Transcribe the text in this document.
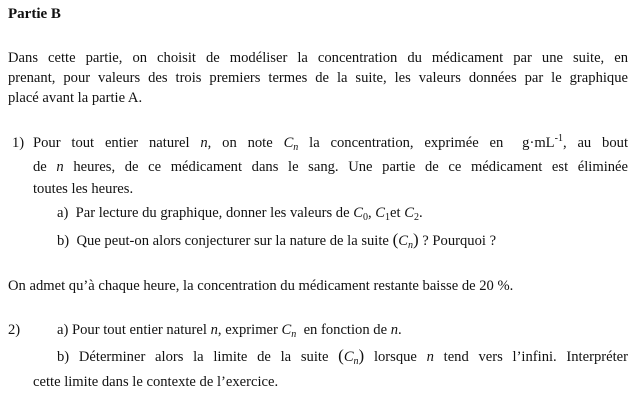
Partie B
Dans cette partie, on choisit de modéliser la concentration du médicament par une suite, en
prenant, pour valeurs des trois premiers termes de la suite, les valeurs données par le graphique
placé avant la partie A.
1) Pour tout entier naturel n, on note $C_n$ la concentration, exprimée en $g\cdot mL^{-1}$, au bout
de n heures, de ce médicament dans le sang. Une partie de ce médicament est éliminée
toutes les heures.
a) Par lecture du graphique, donner les valeurs de $C_0$, $C_1et$ $C_2$.
b) Que peut-on alors conjecturer sur la nature de la suite $(C_n)$ ? Pourquoi ?
On admet qu’à chaque heure, la concentration du médicament restante baisse de 20 %.
2)	a) Pour tout entier naturel n, exprimer $C_n$ en fonction de n.
b) Déterminer alors la limite de la suite $(C_n)$ lorsque n tend vers l’infini. Interpréter
cette limite dans le contexte de l’exercice.
